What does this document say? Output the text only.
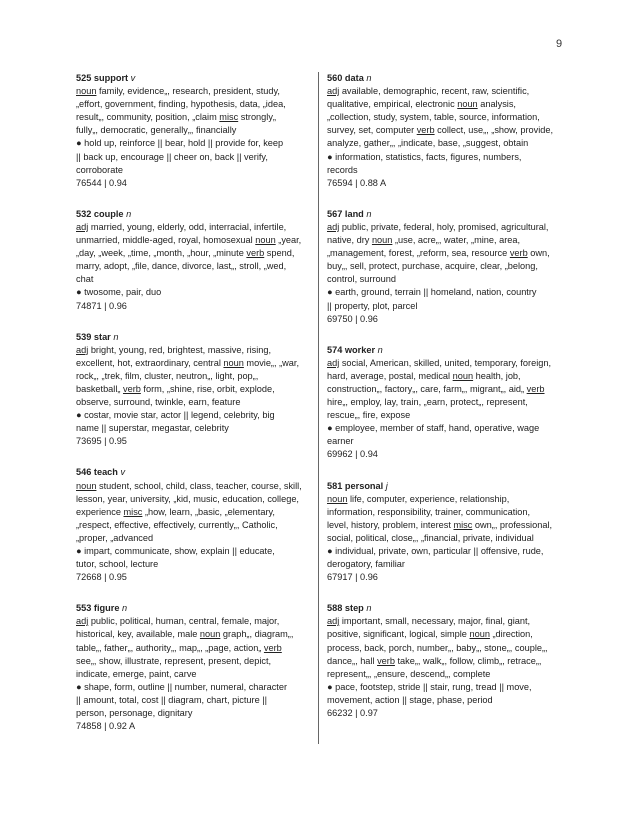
9
525 support v
noun family, evidence„, research, president, study,
„effort, government, finding, hypothesis, data, „idea,
result„, community, position, „claim misc strongly„
fully„, democratic, generally„, financially
● hold up, reinforce || bear, hold || provide for, keep
|| back up, encourage || cheer on, back || verify,
corroborate
76544 | 0.94
532 couple n
adj married, young, elderly, odd, interracial, infertile,
unmarried, middle-aged, royal, homosexual noun „year,
„day, „week, „time, „month, „hour, „minute verb spend,
marry, adopt, „file, dance, divorce, last„, stroll, „wed,
chat
● twosome, pair, duo
74871 | 0.96
539 star n
adj bright, young, red, brightest, massive, rising,
excellent, hot, extraordinary, central noun movie„, „war,
rock„, „trek, film, cluster, neutron„, light, pop„,
basketball„ verb form, „shine, rise, orbit, explode,
observe, surround, twinkle, earn, feature
● costar, movie star, actor || legend, celebrity, big
name || superstar, megastar, celebrity
73695 | 0.95
546 teach v
noun student, school, child, class, teacher, course, skill,
lesson, year, university, „kid, music, education, college,
experience misc „how, learn, „basic, „elementary,
„respect, effective, effectively, currently„, Catholic,
„proper, „advanced
● impart, communicate, show, explain || educate,
tutor, school, lecture
72668 | 0.95
553 figure n
adj public, political, human, central, female, major,
historical, key, available, male noun graph„, diagram„,
table„, father„, authority„, map„, „page, action„ verb
see„, show, illustrate, represent, present, depict,
indicate, emerge, paint, carve
● shape, form, outline || number, numeral, character
|| amount, total, cost || diagram, chart, picture ||
person, personage, dignitary
74858 | 0.92 A
560 data n
adj available, demographic, recent, raw, scientific,
qualitative, empirical, electronic noun analysis,
„collection, study, system, table, source, information,
survey, set, computer verb collect, use„, „show, provide,
analyze, gather„, „indicate, base, „suggest, obtain
● information, statistics, facts, figures, numbers,
records
76594 | 0.88 A
567 land n
adj public, private, federal, holy, promised, agricultural,
native, dry noun „use, acre„, water, „mine, area,
„management, forest, „reform, sea, resource verb own,
buy„, sell, protect, purchase, acquire, clear, „belong,
control, surround
● earth, ground, terrain || homeland, nation, country
|| property, plot, parcel
69750 | 0.96
574 worker n
adj social, American, skilled, united, temporary, foreign,
hard, average, postal, medical noun health, job,
construction„, factory„, care, farm„, migrant„, aid„ verb
hire„, employ, lay, train, „earn, protect„, represent,
rescue„, fire, expose
● employee, member of staff, hand, operative, wage
earner
69962 | 0.94
581 personal j
noun life, computer, experience, relationship,
information, responsibility, trainer, communication,
level, history, problem, interest misc own„, professional,
social, political, close„, „financial, private, individual
● individual, private, own, particular || offensive, rude,
derogatory, familiar
67917 | 0.96
588 step n
adj important, small, necessary, major, final, giant,
positive, significant, logical, simple noun „direction,
process, back, porch, number„, baby„, stone„, couple„,
dance„, hall verb take„, walk„, follow, climb„, retrace„,
represent„, „ensure, descend„, complete
● pace, footstep, stride || stair, rung, tread || move,
movement, action || stage, phase, period
66232 | 0.97
